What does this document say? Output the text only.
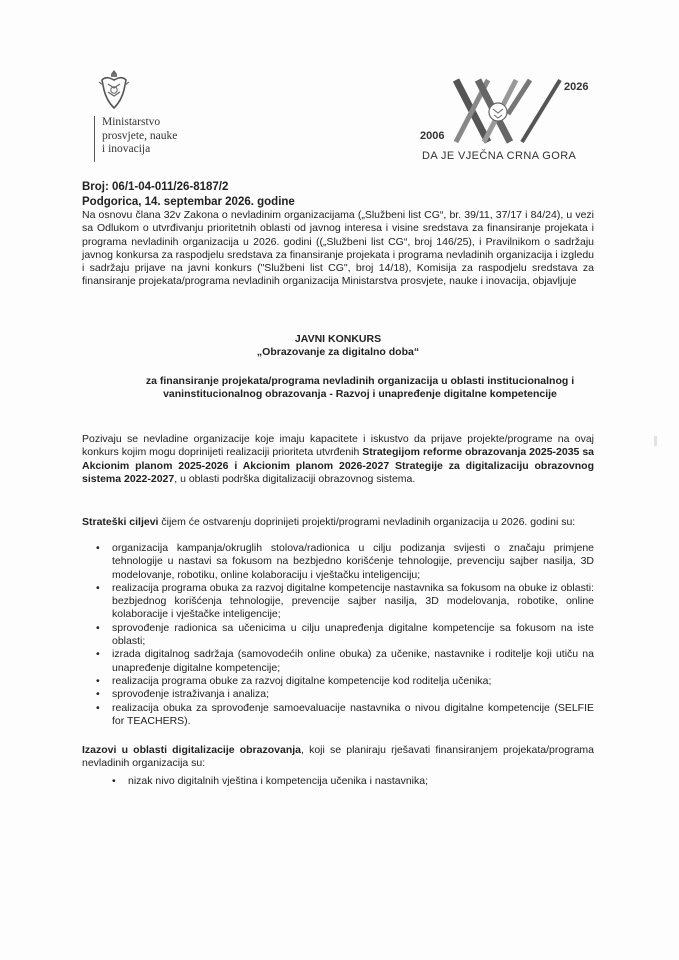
Ministarstvo
prosvjete, nauke
i inovacija
2026
2006
DA JE VJEČNA CRNA GORA
Broj: 06/1-04-011/26-8187/2
Podgorica, 14. septembar 2026. godine
Na osnovu člana 32v Zakona o nevladinim organizacijama („Službeni list CG“, br. 39/11, 37/17 i 84/24), u vezi sa Odlukom o utvrđivanju prioritetnih oblasti od javnog interesa i visine sredstava za finansiranje projekata i programa nevladinih organizacija u 2026. godini ((„Službeni list CG“, broj 146/25), i Pravilnikom o sadržaju javnog konkursa za raspodjelu sredstava za finansiranje projekata i programa nevladinih organizacija i izgledu i sadržaju prijave na javni konkurs ("Službeni list CG", broj 14/18), Komisija za raspodjelu sredstava za finansiranje projekata/programa nevladinih organizacija Ministarstva prosvjete, nauke i inovacija, objavljuje
JAVNI KONKURS
„Obrazovanje za digitalno doba“
za finansiranje projekata/programa nevladinih organizacija u oblasti institucionalnog i vaninstitucionalnog obrazovanja - Razvoj i unapređenje digitalne kompetencije
Pozivaju se nevladine organizacije koje imaju kapacitete i iskustvo da prijave projekte/programe na ovaj konkurs kojim mogu doprinijeti realizaciji prioriteta utvrđenih Strategijom reforme obrazovanja 2025-2035 sa Akcionim planom 2025-2026 i Akcionim planom 2026-2027 Strategije za digitalizaciju obrazovnog sistema 2022-2027, u oblasti podrška digitalizaciji obrazovnog sistema.
Strateški ciljevi čijem će ostvarenju doprinijeti projekti/programi nevladinih organizacija u 2026. godini su:
• organizacija kampanja/okruglih stolova/radionica u cilju podizanja svijesti o značaju primjene tehnologije u nastavi sa fokusom na bezbjedno korišćenje tehnologije, prevenciju sajber nasilja, 3D modelovanje, robotiku, online kolaboraciju i vještačku inteligenciju;
• realizacija programa obuka za razvoj digitalne kompetencije nastavnika sa fokusom na obuke iz oblasti: bezbjednog korišćenja tehnologije, prevencije sajber nasilja, 3D modelovanja, robotike, online kolaboracije i vještačke inteligencije;
• sprovođenje radionica sa učenicima u cilju unapređenja digitalne kompetencije sa fokusom na iste oblasti;
• izrada digitalnog sadržaja (samovodećih online obuka) za učenike, nastavnike i roditelje koji utiču na unapređenje digitalne kompetencije;
• realizacija programa obuke za razvoj digitalne kompetencije kod roditelja učenika;
• sprovođenje istraživanja i analiza;
• realizacija obuka za sprovođenje samoevaluacije nastavnika o nivou digitalne kompetencije (SELFIE for TEACHERS).
Izazovi u oblasti digitalizacije obrazovanja, koji se planiraju rješavati finansiranjem projekata/programa nevladinih organizacija su:
• nizak nivo digitalnih vještina i kompetencija učenika i nastavnika;
